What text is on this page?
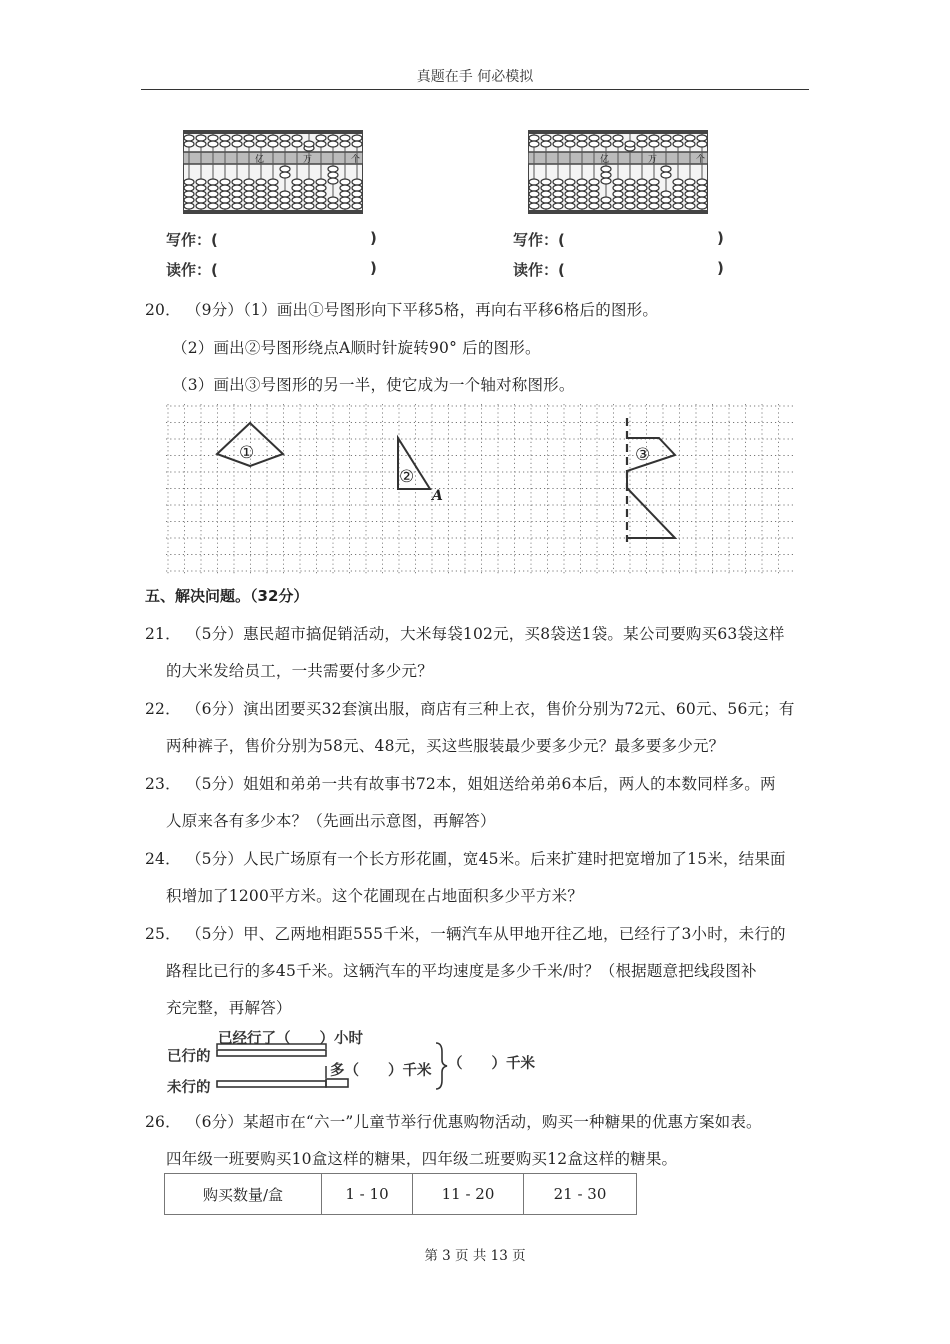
真题在手 何必模拟
亿	万	个	亿	万	个
写作：(	)
读作：(	)
写作：(	)
读作：(	)
20． （9分）（1）画出①号图形向下平移5格，再向右平移6格后的图形。
（2）画出②号图形绕点A顺时针旋转90° 后的图形。
（3）画出③号图形的另一半，使它成为一个轴对称图形。
①
②
A
③
五、解决问题。（32分）
21． （5分）惠民超市搞促销活动，大米每袋102元，买8袋送1袋。某公司要购买63袋这样
的大米发给员工，一共需要付多少元？
22． （6分）演出团要买32套演出服，商店有三种上衣，售价分别为72元、60元、56元；有
两种裤子，售价分别为58元、48元，买这些服装最少要多少元？最多要多少元？
23． （5分）姐姐和弟弟一共有故事书72本，姐姐送给弟弟6本后，两人的本数同样多。两
人原来各有多少本？（先画出示意图，再解答）
24． （5分）人民广场原有一个长方形花圃，宽45米。后来扩建时把宽增加了15米，结果面
积增加了1200平方米。这个花圃现在占地面积多少平方米？
25． （5分）甲、乙两地相距555千米，一辆汽车从甲地开往乙地，已经行了3小时，未行的
路程比已行的多45千米。这辆汽车的平均速度是多少千米/时？（根据题意把线段图补
充完整，再解答）
已经行了（　　）小时
已行的
未行的
多（　　）千米 （　　）千米
26． （6分）某超市在“六一”儿童节举行优惠购物活动，购买一种糖果的优惠方案如表。
四年级一班要购买10盒这样的糖果，四年级二班要购买12盒这样的糖果。
购买数量/盒	1 - 10	11 - 20	21 - 30
第 3 页 共 13 页
